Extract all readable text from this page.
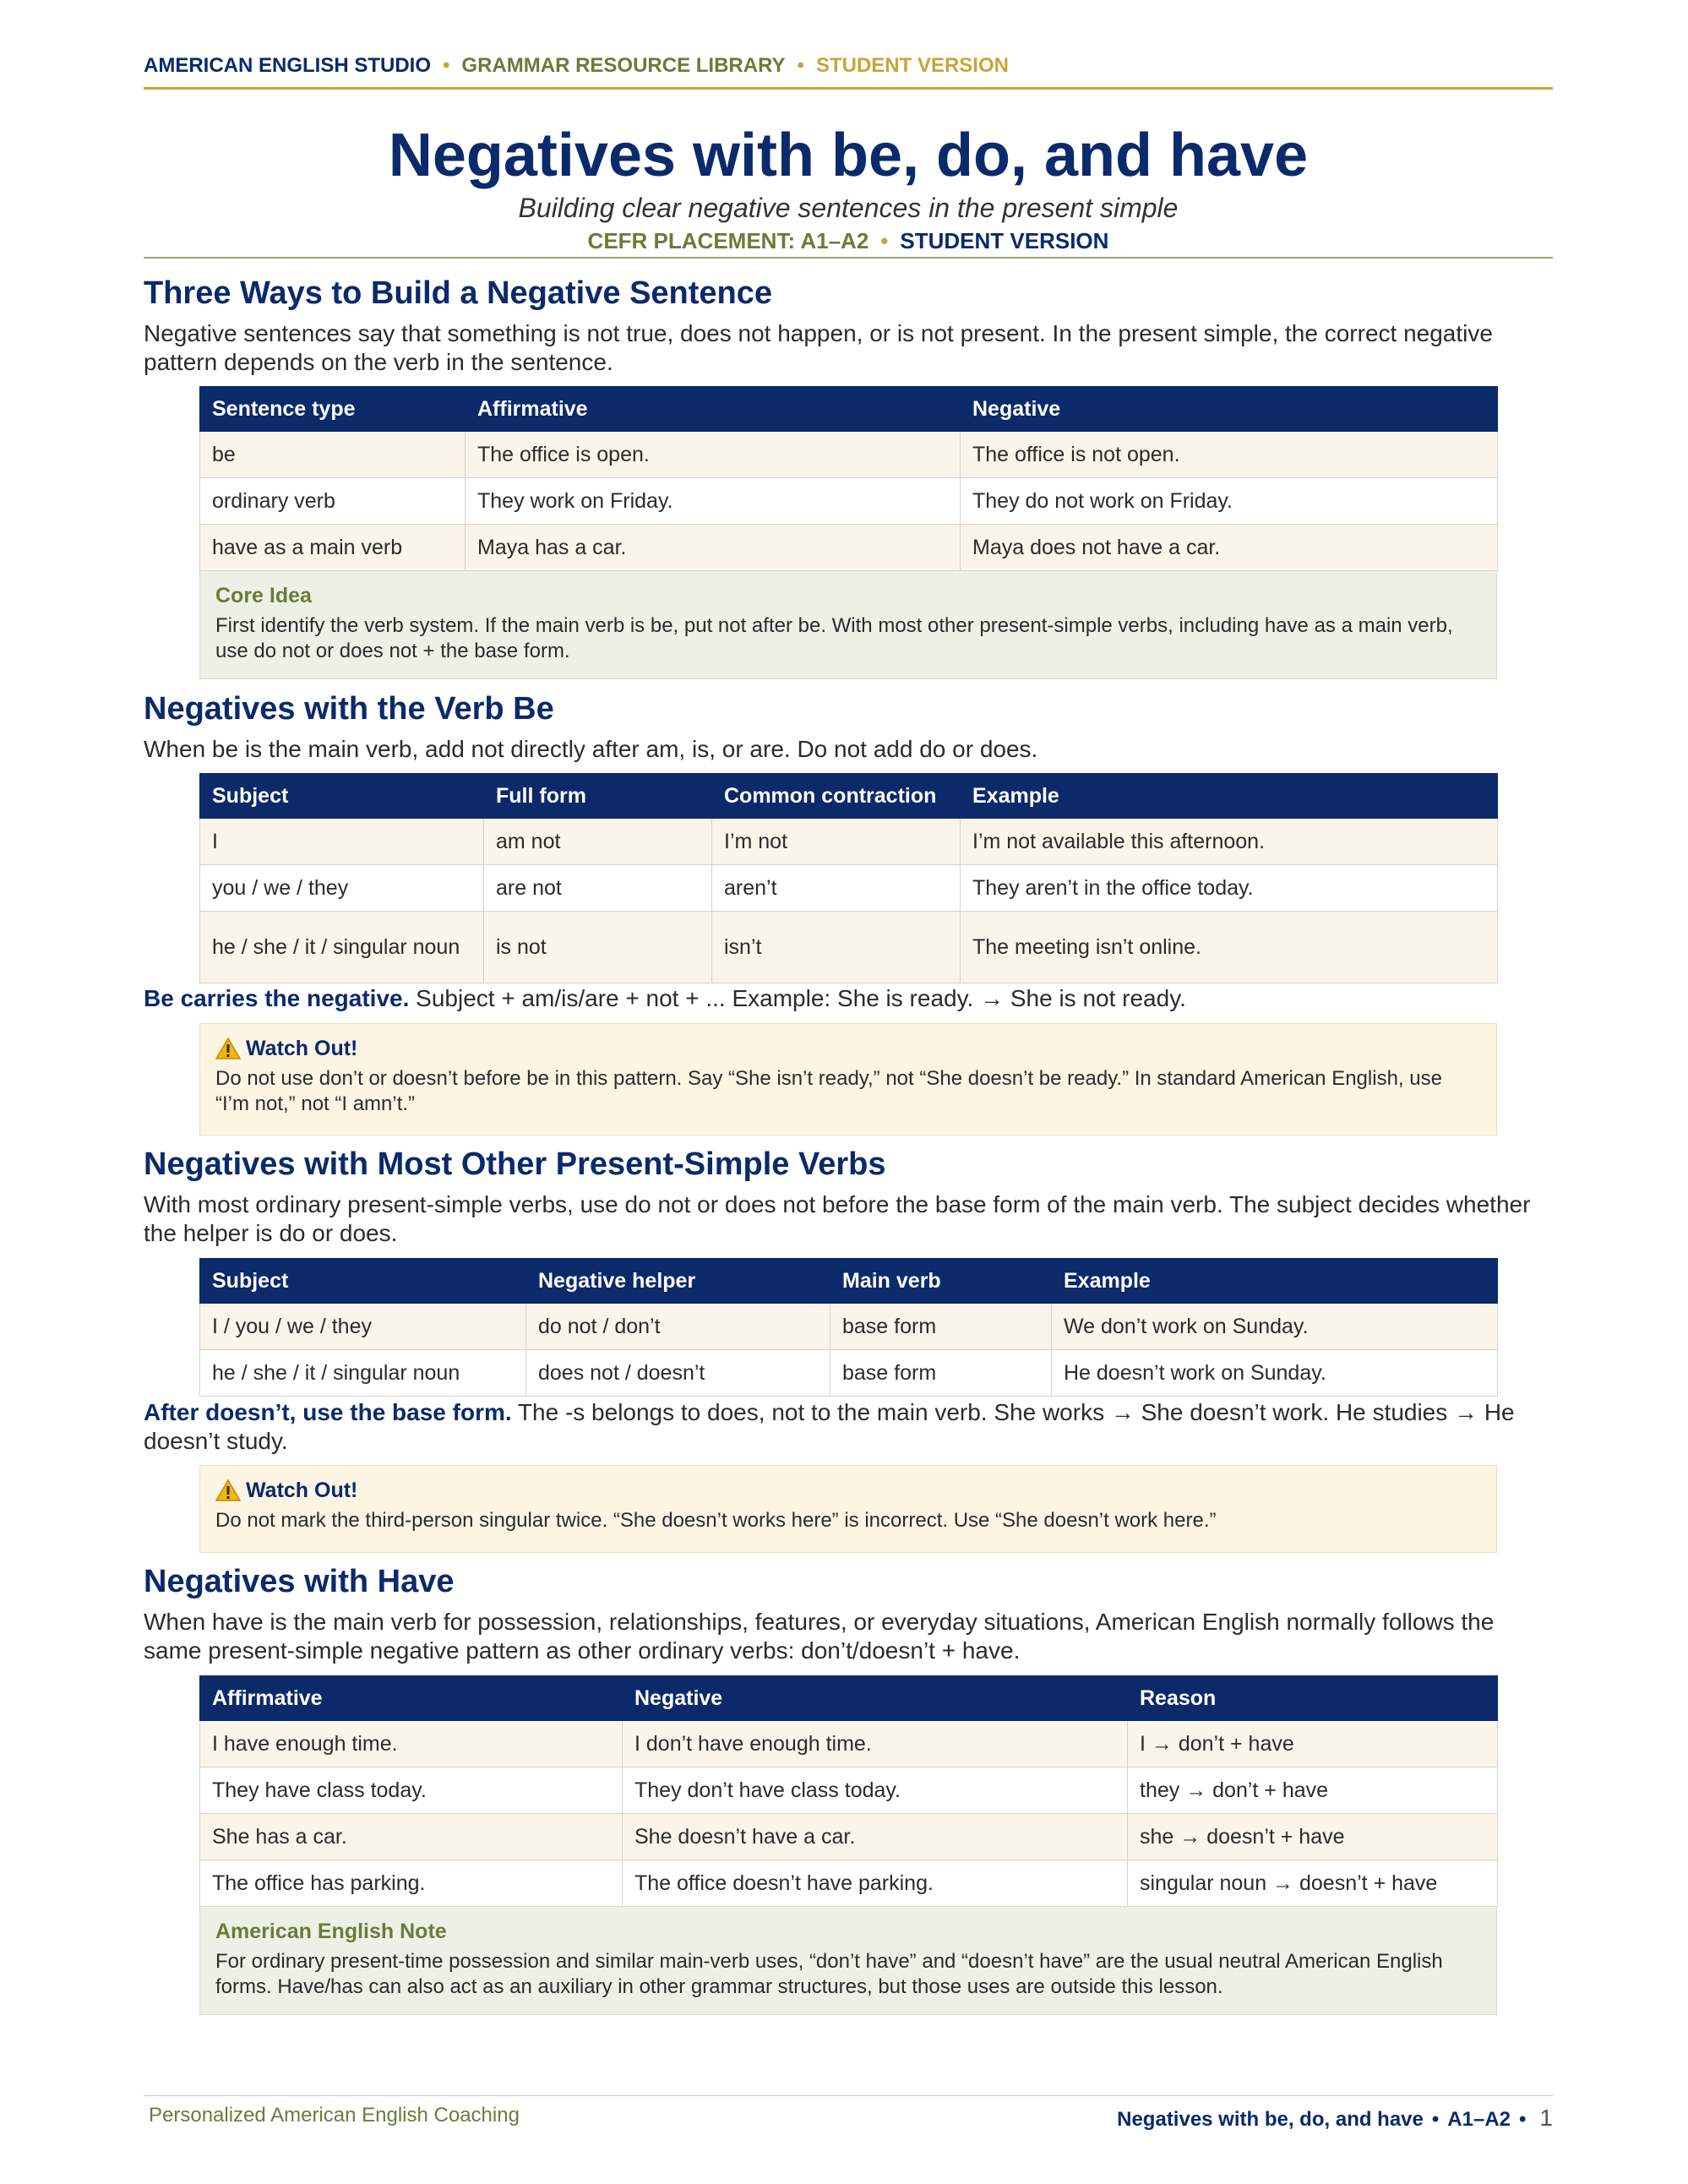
AMERICAN ENGLISH STUDIO • GRAMMAR RESOURCE LIBRARY • STUDENT VERSION
Negatives with be, do, and have
Building clear negative sentences in the present simple
CEFR PLACEMENT: A1–A2 • STUDENT VERSION
Three Ways to Build a Negative Sentence
Negative sentences say that something is not true, does not happen, or is not present. In the present simple, the correct negative pattern depends on the verb in the sentence.
Sentence type	Affirmative	Negative
be	The office is open.	The office is not open.
ordinary verb	They work on Friday.	They do not work on Friday.
have as a main verb	Maya has a car.	Maya does not have a car.
Core Idea
First identify the verb system. If the main verb is be, put not after be. With most other present-simple verbs, including have as a main verb, use do not or does not + the base form.
Negatives with the Verb Be
When be is the main verb, add not directly after am, is, or are. Do not add do or does.
Subject	Full form	Common contraction	Example
I	am not	I’m not	I’m not available this afternoon.
you / we / they	are not	aren’t	They aren’t in the office today.
he / she / it / singular noun	is not	isn’t	The meeting isn’t online.
Be carries the negative. Subject + am/is/are + not + ... Example: She is ready. → She is not ready.
Watch Out!
Do not use don’t or doesn’t before be in this pattern. Say “She isn’t ready,” not “She doesn’t be ready.” In standard American English, use “I’m not,” not “I amn’t.”
Negatives with Most Other Present-Simple Verbs
With most ordinary present-simple verbs, use do not or does not before the base form of the main verb. The subject decides whether the helper is do or does.
Subject	Negative helper	Main verb	Example
I / you / we / they	do not / don’t	base form	We don’t work on Sunday.
he / she / it / singular noun	does not / doesn’t	base form	He doesn’t work on Sunday.
After doesn’t, use the base form. The -s belongs to does, not to the main verb. She works → She doesn’t work. He studies → He doesn’t study.
Watch Out!
Do not mark the third-person singular twice. “She doesn’t works here” is incorrect. Use “She doesn’t work here.”
Negatives with Have
When have is the main verb for possession, relationships, features, or everyday situations, American English normally follows the same present-simple negative pattern as other ordinary verbs: don’t/doesn’t + have.
Affirmative	Negative	Reason
I have enough time.	I don’t have enough time.	I → don’t + have
They have class today.	They don’t have class today.	they → don’t + have
She has a car.	She doesn’t have a car.	she → doesn’t + have
The office has parking.	The office doesn’t have parking.	singular noun → doesn’t + have
American English Note
For ordinary present-time possession and similar main-verb uses, “don’t have” and “doesn’t have” are the usual neutral American English forms. Have/has can also act as an auxiliary in other grammar structures, but those uses are outside this lesson.
Personalized American English Coaching	Negatives with be, do, and have • A1–A2 • 1
